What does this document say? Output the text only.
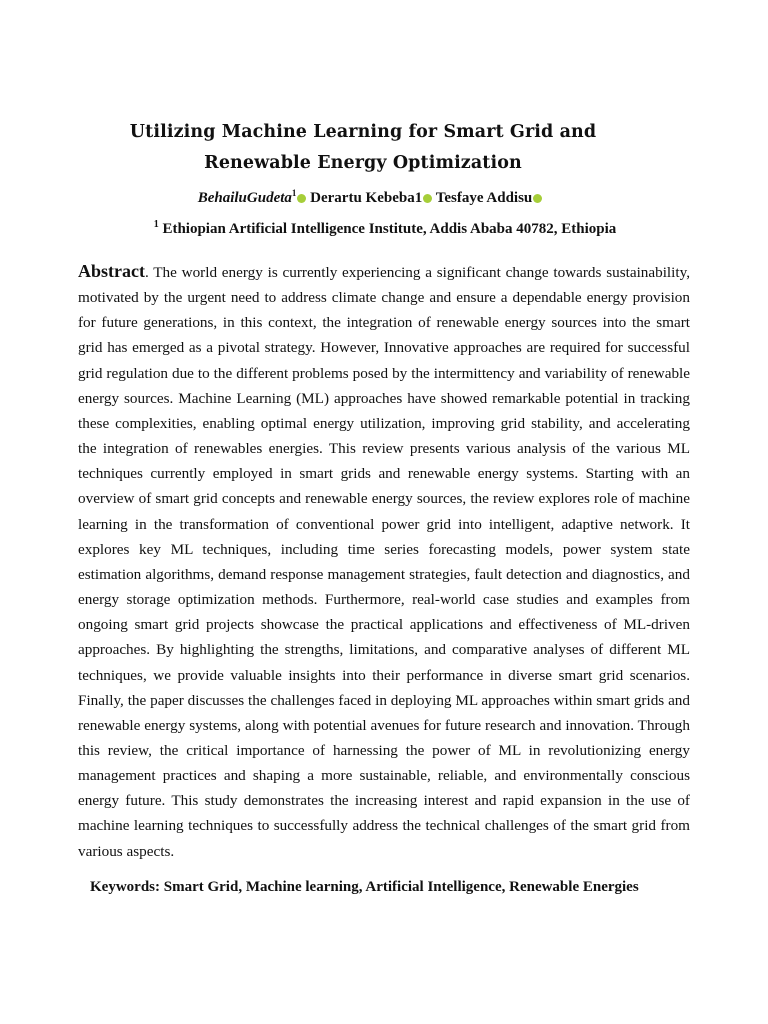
Utilizing Machine Learning for Smart Grid and
Renewable Energy Optimization
BehailuGudeta$^1$ Derartu Kebeba1 Tesfaye Addisu
$^1$ Ethiopian Artificial Intelligence Institute, Addis Ababa 40782, Ethiopia

Abstract. The world energy is currently experiencing a significant change towards sustainability, motivated by the urgent need to address climate change and ensure a dependable energy provision for future generations, in this context, the integration of renewable energy sources into the smart grid has emerged as a pivotal strategy. However, Innovative approaches are required for successful grid regulation due to the different problems posed by the intermittency and variability of renewable energy sources. Machine Learning (ML) approaches have showed remarkable potential in tracking these complexities, enabling optimal energy utilization, improving grid stability, and accelerating the integration of renewables energies. This review presents various analysis of the various ML techniques currently employed in smart grids and renewable energy systems. Starting with an overview of smart grid concepts and renewable energy sources, the review explores role of machine learning in the transformation of conventional power grid into intelligent, adaptive network. It explores key ML techniques, including time series forecasting models, power system state estimation algorithms, demand response management strategies, fault detection and diagnostics, and energy storage optimization methods. Furthermore, real-world case studies and examples from ongoing smart grid projects showcase the practical applications and effectiveness of ML-driven approaches. By highlighting the strengths, limitations, and comparative analyses of different ML techniques, we provide valuable insights into their performance in diverse smart grid scenarios. Finally, the paper discusses the challenges faced in deploying ML approaches within smart grids and renewable energy systems, along with potential avenues for future research and innovation. Through this review, the critical importance of harnessing the power of ML in revolutionizing energy management practices and shaping a more sustainable, reliable, and environmentally conscious energy future. This study demonstrates the increasing interest and rapid expansion in the use of machine learning techniques to successfully address the technical challenges of the smart grid from various aspects.

Keywords: Smart Grid, Machine learning, Artificial Intelligence, Renewable Energies
